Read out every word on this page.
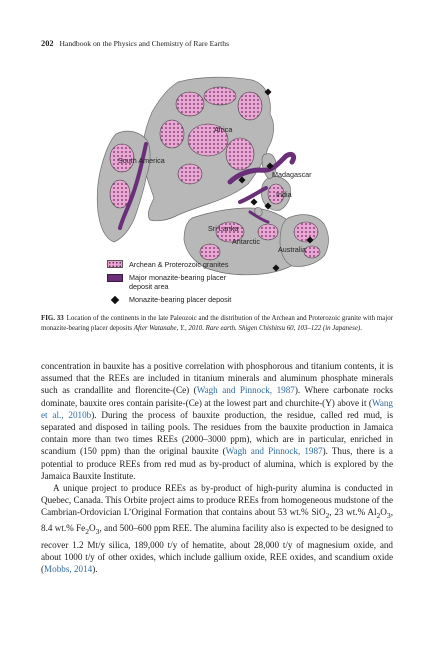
202 Handbook on the Physics and Chemistry of Rare Earths
Africa
South America
Madagascar
India
Sri Lanka
Antarctic
Australia
Archean & Proterozoic granites
Major monazite-bearing placer
deposit area
Monazite-bearing placer deposit
FIG. 33 Location of the continents in the late Paleozoic and the distribution of the Archean and Proterozoic granite with major monazite-bearing placer deposits After Watanabe, Y., 2010. Rare earth. Shigen Chishitsu 60, 103–122 (in Japanese).

concentration in bauxite has a positive correlation with phosphorous and titanium contents, it is assumed that the REEs are included in titanium minerals and aluminum phosphate minerals such as crandallite and florencite-(Ce) (Wagh and Pinnock, 1987). Where carbonate rocks dominate, bauxite ores contain parisite-(Ce) at the lowest part and churchite-(Y) above it (Wang et al., 2010b). During the process of bauxite production, the residue, called red mud, is separated and disposed in tailing pools. The residues from the bauxite production in Jamaica contain more than two times REEs (2000–3000 ppm), which are in particular, enriched in scandium (150 ppm) than the original bauxite (Wagh and Pinnock, 1987). Thus, there is a potential to produce REEs from red mud as by-product of alumina, which is explored by the Jamaica Bauxite Institute.

A unique project to produce REEs as by-product of high-purity alumina is conducted in Quebec, Canada. This Orbite project aims to produce REEs from homogeneous mudstone of the Cambrian-Ordovician L’Original Formation that contains about 53 wt.% SiO$_2$, 23 wt.% $Al_2O_3$, 8.4 wt.% $Fe_2O_3$, and 500–600 ppm REE. The alumina facility also is expected to be designed to recover 1.2 Mt/y silica, 189,000 t/y of hematite, about 28,000 t/y of magnesium oxide, and about 1000 t/y of other oxides, which include gallium oxide, REE oxides, and scandium oxide (Mobbs, 2014).
